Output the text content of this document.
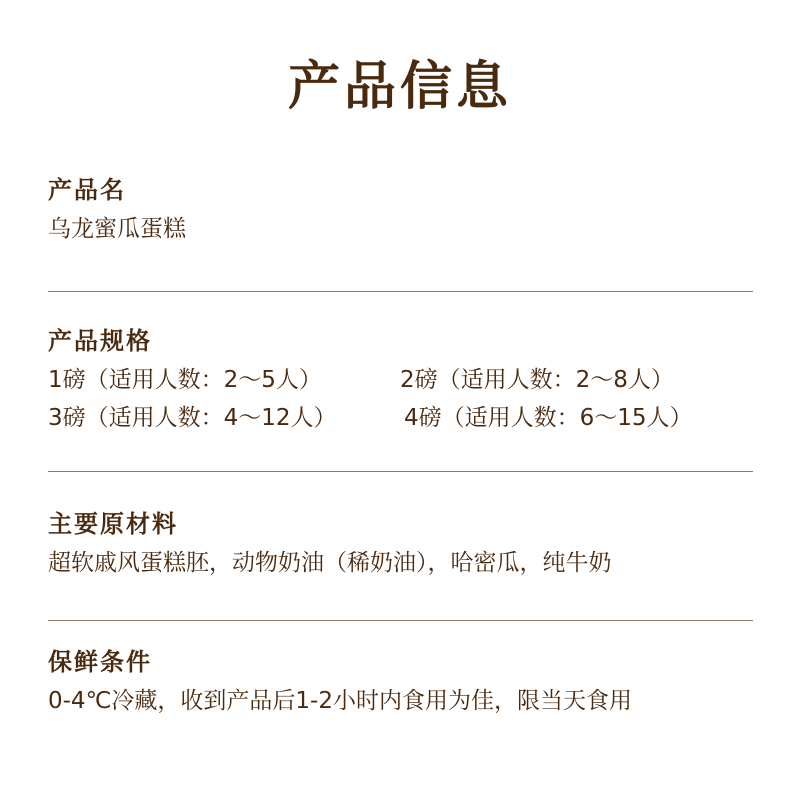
产品信息
产品名
乌龙蜜瓜蛋糕
产品规格
1磅（适用人数：2～5人）	2磅（适用人数：2～8人）
3磅（适用人数：4～12人）	4磅（适用人数：6～15人）
主要原材料
超软戚风蛋糕胚，动物奶油（稀奶油），哈密瓜，纯牛奶
保鲜条件
0-4℃冷藏，收到产品后1-2小时内食用为佳，限当天食用
